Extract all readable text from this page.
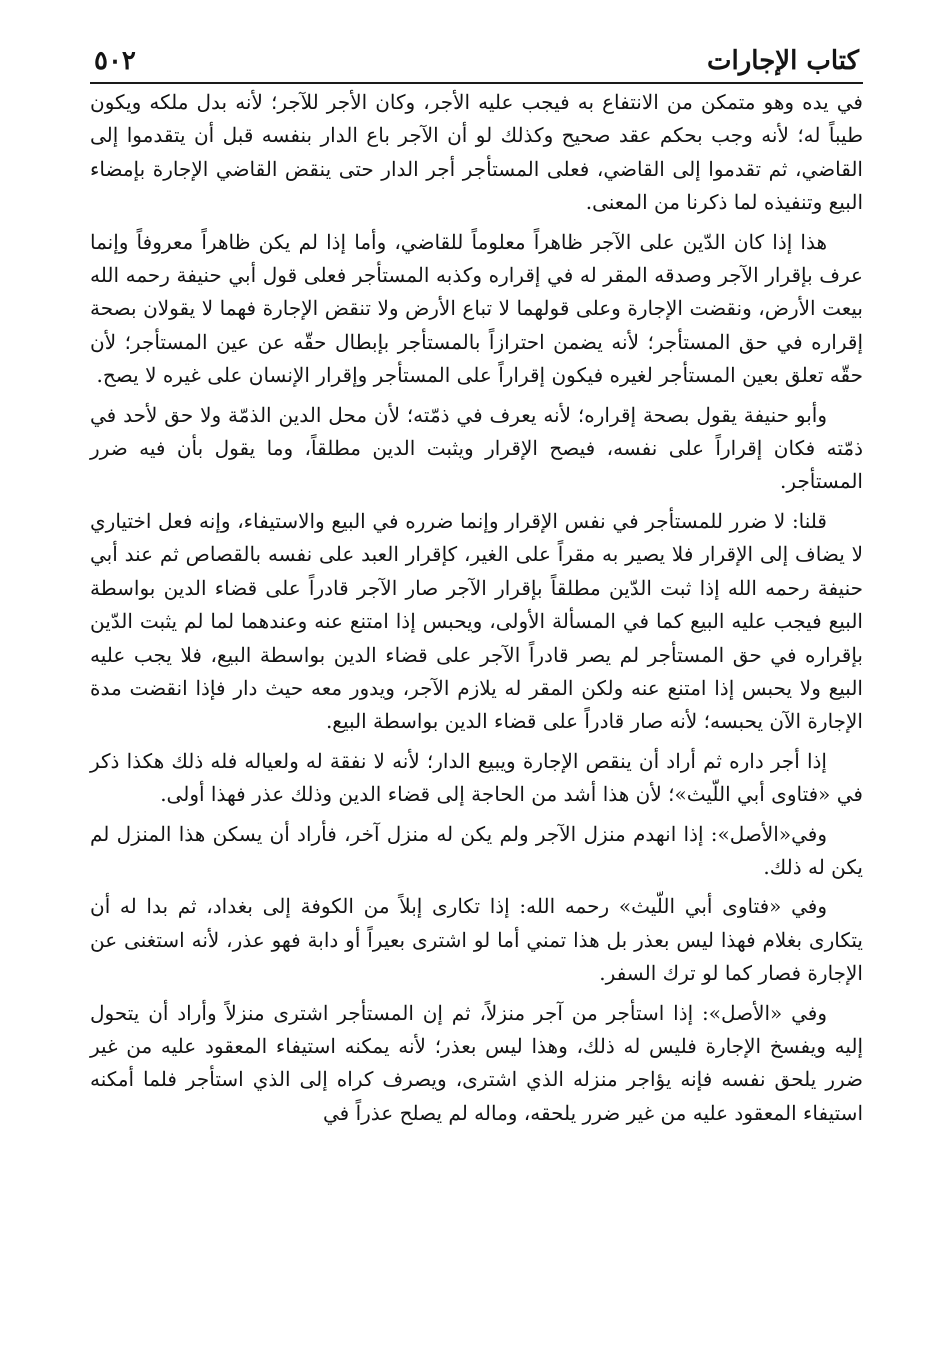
كتاب الإجارات
٥٠٢

في يده وهو متمكن من الانتفاع به فيجب عليه الأجر، وكان الأجر للآجر؛ لأنه بدل ملكه ويكون طيباً له؛ لأنه وجب بحكم عقد صحيح وكذلك لو أن الآجر باع الدار بنفسه قبل أن يتقدموا إلى القاضي، ثم تقدموا إلى القاضي، فعلى المستأجر أجر الدار حتى ينقض القاضي الإجارة بإمضاء البيع وتنفيذه لما ذكرنا من المعنى.

هذا إذا كان الدّين على الآجر ظاهراً معلوماً للقاضي، وأما إذا لم يكن ظاهراً معروفاً وإنما عرف بإقرار الآجر وصدقه المقر له في إقراره وكذبه المستأجر فعلى قول أبي حنيفة رحمه الله بيعت الأرض، ونقضت الإجارة وعلى قولهما لا تباع الأرض ولا تنقض الإجارة فهما لا يقولان بصحة إقراره في حق المستأجر؛ لأنه يضمن احترازاً بالمستأجر بإبطال حقّه عن عين المستأجر؛ لأن حقّه تعلق بعين المستأجر لغيره فيكون إقراراً على المستأجر وإقرار الإنسان على غيره لا يصح.

وأبو حنيفة يقول بصحة إقراره؛ لأنه يعرف في ذمّته؛ لأن محل الدين الذمّة ولا حق لأحد في ذمّته فكان إقراراً على نفسه، فيصح الإقرار ويثبت الدين مطلقاً، وما يقول بأن فيه ضرر المستأجر.

قلنا: لا ضرر للمستأجر في نفس الإقرار وإنما ضرره في البيع والاستيفاء، وإنه فعل اختياري لا يضاف إلى الإقرار فلا يصير به مقراً على الغير، كإقرار العبد على نفسه بالقصاص ثم عند أبي حنيفة رحمه الله إذا ثبت الدّين مطلقاً بإقرار الآجر صار الآجر قادراً على قضاء الدين بواسطة البيع فيجب عليه البيع كما في المسألة الأولى، ويحبس إذا امتنع عنه وعندهما لما لم يثبت الدّين بإقراره في حق المستأجر لم يصر قادراً الآجر على قضاء الدين بواسطة البيع، فلا يجب عليه البيع ولا يحبس إذا امتنع عنه ولكن المقر له يلازم الآجر، ويدور معه حيث دار فإذا انقضت مدة الإجارة الآن يحبسه؛ لأنه صار قادراً على قضاء الدين بواسطة البيع.

إذا أجر داره ثم أراد أن ينقص الإجارة ويبيع الدار؛ لأنه لا نفقة له ولعياله فله ذلك هكذا ذكر في «فتاوى أبي اللّيث»؛ لأن هذا أشد من الحاجة إلى قضاء الدين وذلك عذر فهذا أولى.

وفي«الأصل»: إذا انهدم منزل الآجر ولم يكن له منزل آخر، فأراد أن يسكن هذا المنزل لم يكن له ذلك.

وفي «فتاوى أبي اللّيث» رحمه الله: إذا تكارى إبلاً من الكوفة إلى بغداد، ثم بدا له أن يتكارى بغلام فهذا ليس بعذر بل هذا تمني أما لو اشترى بعيراً أو دابة فهو عذر، لأنه استغنى عن الإجارة فصار كما لو ترك السفر.

وفي «الأصل»: إذا استأجر من آجر منزلاً، ثم إن المستأجر اشترى منزلاً وأراد أن يتحول إليه ويفسخ الإجارة فليس له ذلك، وهذا ليس بعذر؛ لأنه يمكنه استيفاء المعقود عليه من غير ضرر يلحق نفسه فإنه يؤاجر منزله الذي اشترى، ويصرف كراه إلى الذي استأجر فلما أمكنه استيفاء المعقود عليه من غير ضرر يلحقه، وماله لم يصلح عذراً في
